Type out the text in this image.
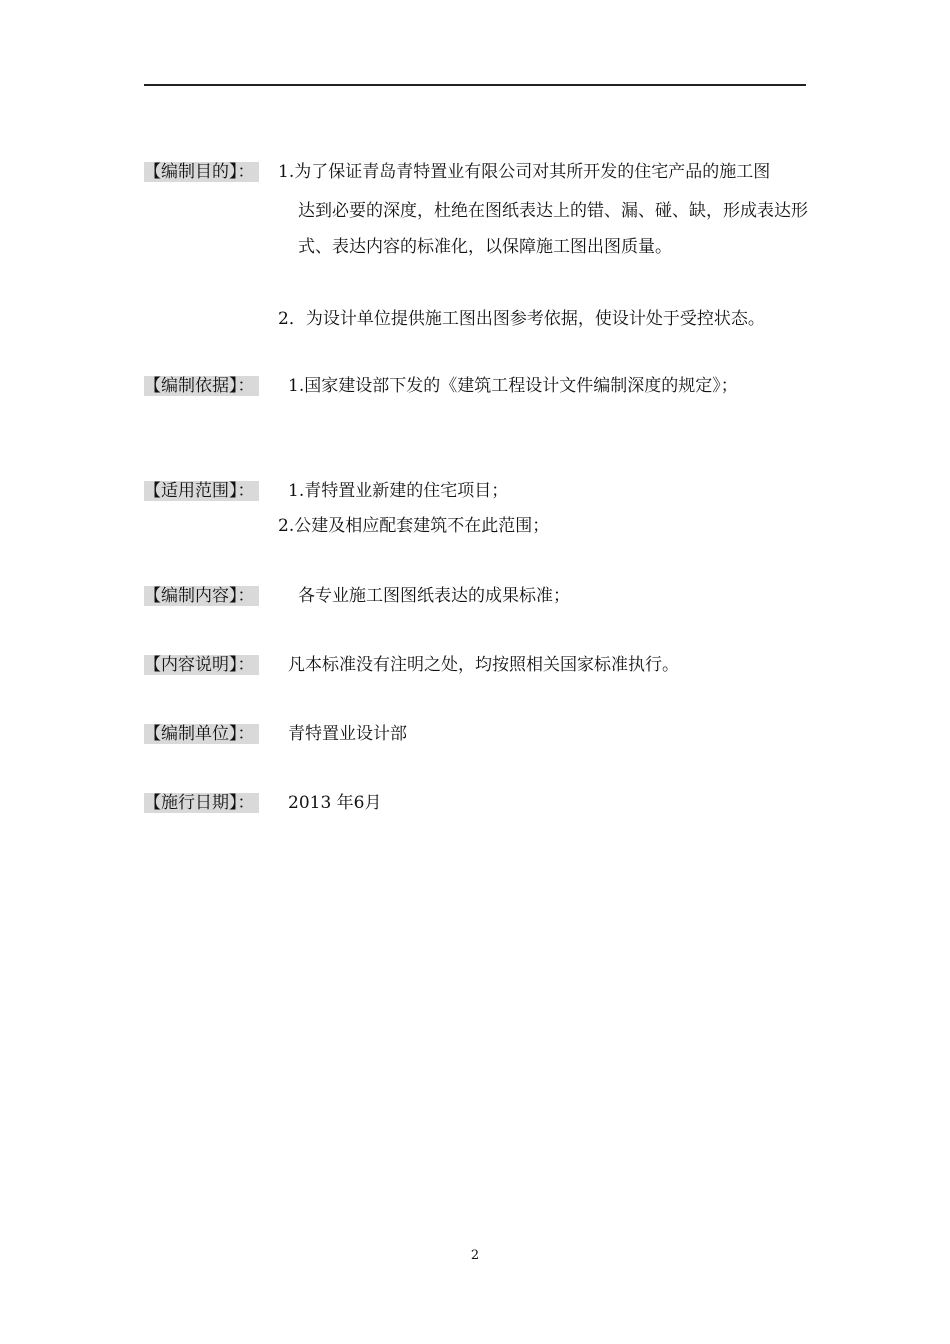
【编制目的】： 1.为了保证青岛青特置业有限公司对其所开发的住宅产品的施工图
达到必要的深度，杜绝在图纸表达上的错、漏、碰、缺，形成表达形
式、表达内容的标准化，以保障施工图出图质量。
2．为设计单位提供施工图出图参考依据，使设计处于受控状态。
【编制依据】： 1.国家建设部下发的《建筑工程设计文件编制深度的规定》；
【适用范围】： 1.青特置业新建的住宅项目；
2.公建及相应配套建筑不在此范围；
【编制内容】：	各专业施工图图纸表达的成果标准；
【内容说明】： 凡本标准没有注明之处，均按照相关国家标准执行。
【编制单位】： 青特置业设计部
【施行日期】： 2013 年6月
2
